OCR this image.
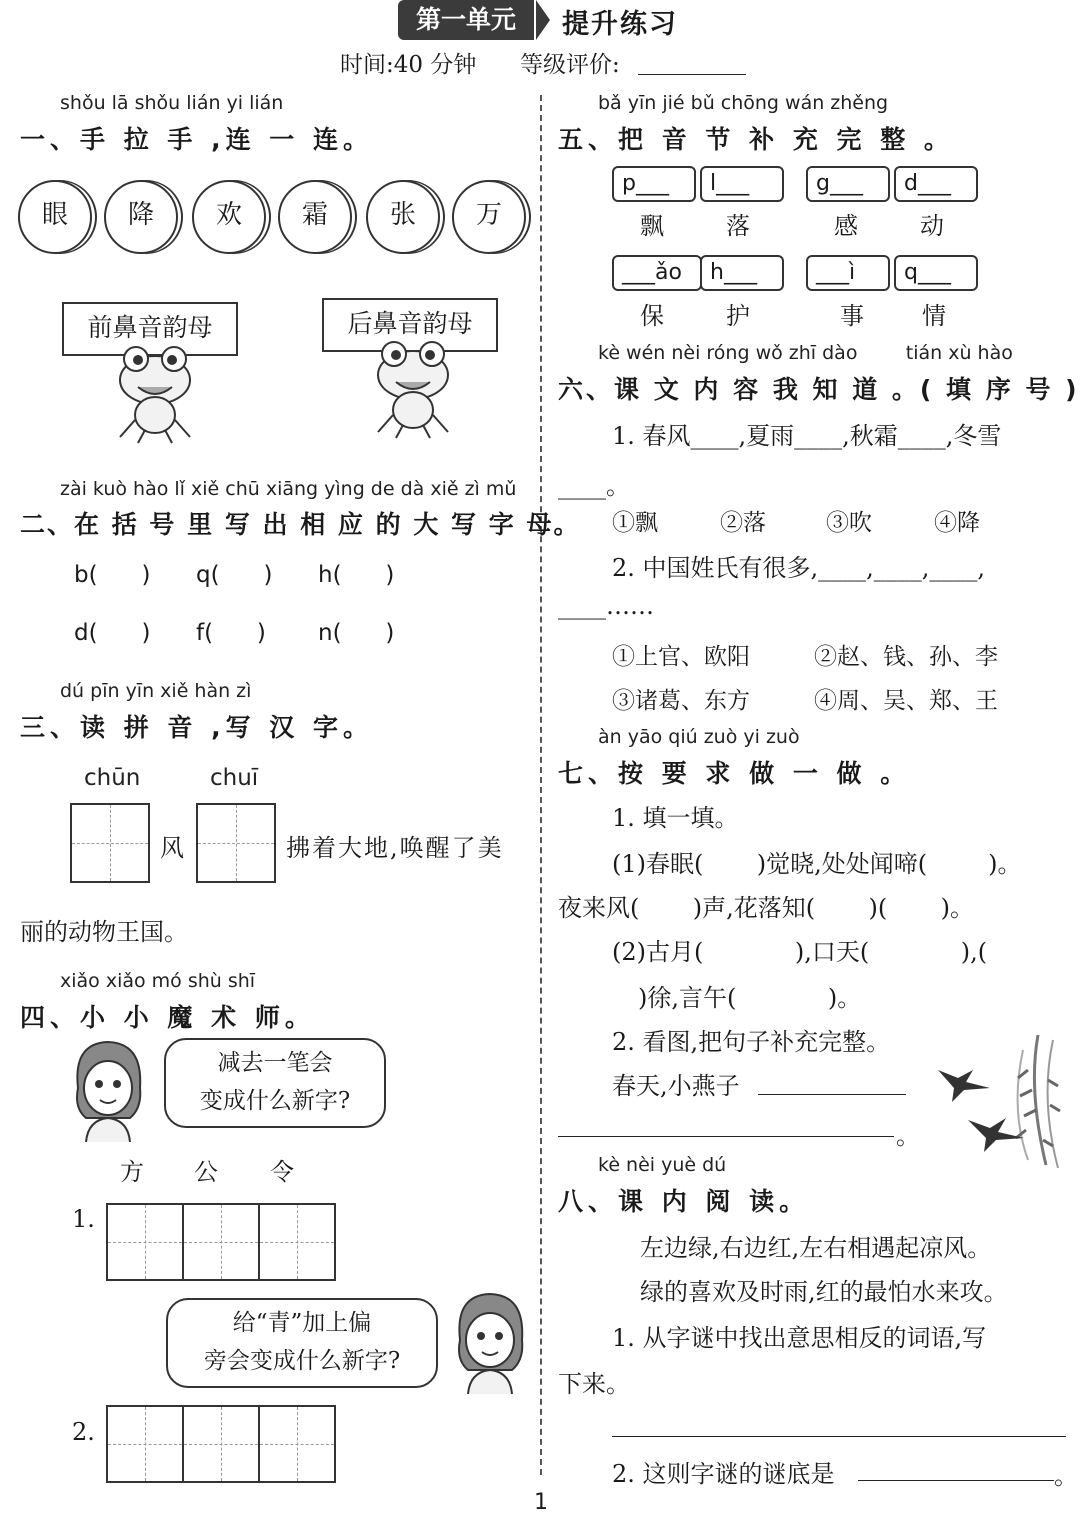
第一单元	提升练习
时间:40 分钟 等级评价:
shǒu lā shǒu lián yi lián
一、手 拉 手 ,连 一 连。
眼	降	欢	霜	张	万
前鼻音韵母	后鼻音韵母
zài kuò hào lǐ xiě chū xiāng yìng de dà xiě zì mǔ
二、在 括 号 里 写 出 相 应 的 大 写 字 母。
b(      ) q(      ) h(      )
d(      ) f(      ) n(      )
dú pīn yīn xiě hàn zì
三、读 拼 音 ,写 汉 字。
chūn	chuī
风	拂着大地,唤醒了美
丽的动物王国。
xiǎo xiǎo mó shù shī
四、小 小 魔 术 师。
减去一笔会
变成什么新字?
方 公 令
1.
给“青”加上偏
旁会变成什么新字?
2.
bǎ yīn jié bǔ chōng wán zhěng
五、把 音 节 补 充 完 整 。
p___	l___	g___	d___
飘	落	感	动
___ǎo	h___	___ì	q___
保	护	事 情
kè wén nèi róng wǒ zhī dào        tián xù hào
六、课 文 内 容 我 知 道 。( 填 序 号 )
1. 春风____,夏雨____,秋霜____,冬雪
____。
①飘	②落	③吹	④降
2. 中国姓氏有很多,____,____,____,
____……
①上官、欧阳	②赵、钱、孙、李
③诸葛、东方	④周、吴、郑、王
àn yāo qiú zuò yi zuò
七、按 要 求 做 一 做 。
1. 填一填。
(1)春眠(       )觉晓,处处闻啼(        )。
夜来风(       )声,花落知(       )(       )。
(2)古月(            ),口天(            ),(
)徐,言午(            )。
2. 看图,把句子补充完整。
春天,小燕子
。
kè nèi yuè dú
八、课 内 阅 读。
左边绿,右边红,左右相遇起凉风。
绿的喜欢及时雨,红的最怕水来攻。
1. 从字谜中找出意思相反的词语,写
下来。
2. 这则字谜的谜底是	。
1
